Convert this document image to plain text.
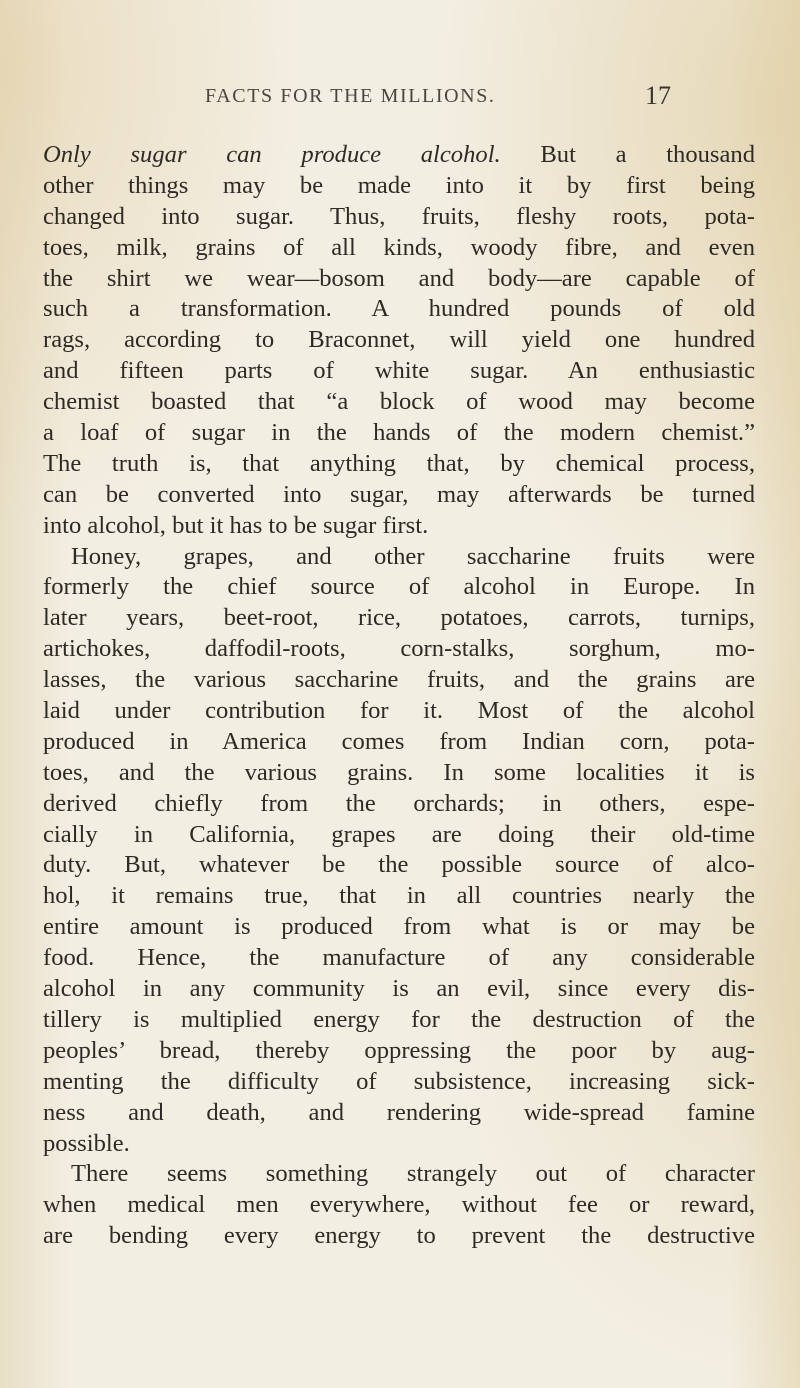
FACTS FOR THE MILLIONS.	17
Only sugar can produce alcohol. But a thousand
other things may be made into it by first being
changed into sugar. Thus, fruits, fleshy roots, pota-
toes, milk, grains of all kinds, woody fibre, and even
the shirt we wear—bosom and body—are capable of
such a transformation. A hundred pounds of old
rags, according to Braconnet, will yield one hundred
and fifteen parts of white sugar. An enthusiastic
chemist boasted that “a block of wood may become
a loaf of sugar in the hands of the modern chemist.”
The truth is, that anything that, by chemical process,
can be converted into sugar, may afterwards be turned
into alcohol, but it has to be sugar first.
Honey, grapes, and other saccharine fruits were
formerly the chief source of alcohol in Europe. In
later years, beet-root, rice, potatoes, carrots, turnips,
artichokes, daffodil-roots, corn-stalks, sorghum, mo-
lasses, the various saccharine fruits, and the grains are
laid under contribution for it. Most of the alcohol
produced in America comes from Indian corn, pota-
toes, and the various grains. In some localities it is
derived chiefly from the orchards; in others, espe-
cially in California, grapes are doing their old-time
duty. But, whatever be the possible source of alco-
hol, it remains true, that in all countries nearly the
entire amount is produced from what is or may be
food. Hence, the manufacture of any considerable
alcohol in any community is an evil, since every dis-
tillery is multiplied energy for the destruction of the
peoples’ bread, thereby oppressing the poor by aug-
menting the difficulty of subsistence, increasing sick-
ness and death, and rendering wide-spread famine
possible.
There seems something strangely out of character
when medical men everywhere, without fee or reward,
are bending every energy to prevent the destructive
